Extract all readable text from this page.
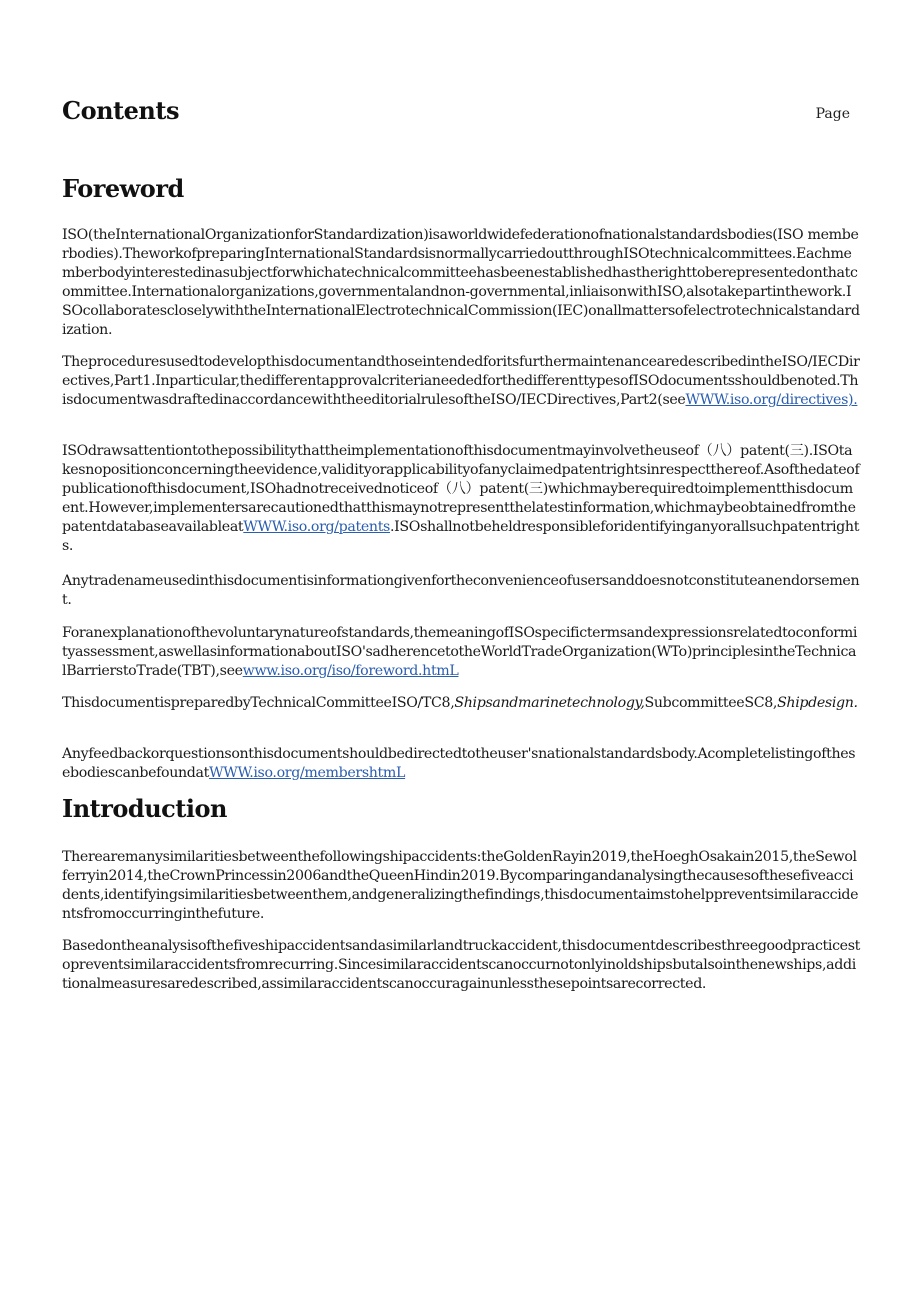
Contents	Page
Foreword
ISO(theInternationalOrganizationforStandardization)isaworldwidefederationofnationalstandardsbodies(ISO memberbodies).TheworkofpreparingInternationalStandardsisnormallycarriedoutthroughISOtechnicalcommittees.Eachmemberbodyinterestedinasubjectforwhichatechnicalcommitteehasbeenestablishedhastherighttoberepresentedonthatcommittee.Internationalorganizations,governmentalandnon-governmental,inliaisonwithISO,alsotakepartinthework.ISOcollaboratescloselywiththeInternationalElectrotechnicalCommission(IEC)onallmattersofelectrotechnicalstandardization.
TheproceduresusedtodevelopthisdocumentandthoseintendedforitsfurthermaintenancearedescribedintheISO/IECDirectives,Part1.Inparticular,thedifferentapprovalcriterianeededforthedifferenttypesofISOdocumentsshouldbenoted.ThisdocumentwasdraftedinaccordancewiththeeditorialrulesoftheISO/IECDirectives,Part2(seeWWW.iso.org/directives).
ISOdrawsattentiontothepossibilitythattheimplementationofthisdocumentmayinvolvetheuseof（八）patent(三).ISOtakesnopositionconcerningtheevidence,validityorapplicabilityofanyclaimedpatentrightsinrespectthereof.Asofthedateofpublicationofthisdocument,ISOhadnotreceivednoticeof（八）patent(三)whichmayberequiredtoimplementthisdocument.However,implementersarecautionedthatthismaynotrepresentthelatestinformation,whichmaybeobtainedfromthepatentdatabaseavailableatWWW.iso.org/patents.ISOshallnotbeheldresponsibleforidentifyinganyorallsuchpatentrights.
Anytradenameusedinthisdocumentisinformationgivenfortheconvenienceofusersanddoesnotconstituteanendorsement.
Foranexplanationofthevoluntarynatureofstandards,themeaningofISOspecifictermsandexpressionsrelatedtoconformityassessment,aswellasinformationaboutISO'sadherencetotheWorldTradeOrganization(WTo)principlesintheTechnicalBarrierstoTrade(TBT),seewww.iso.org/iso/foreword.htmL
ThisdocumentispreparedbyTechnicalCommitteeISO/TC8,Shipsandmarinetechnology,SubcommitteeSC8,Shipdesign.
Anyfeedbackorquestionsonthisdocumentshouldbedirectedtotheuser'snationalstandardsbody.AcompletelistingofthesebodiescanbefoundatWWW.iso.org/membershtmL
Introduction
Therearemanysimilaritiesbetweenthefollowingshipaccidents:theGoldenRayin2019,theHoeghOsakain2015,theSewolferryin2014,theCrownPrincessin2006andtheQueenHindin2019.Bycomparingandanalysingthecausesofthesefiveaccidents,identifyingsimilaritiesbetweenthem,andgeneralizingthefindings,thisdocumentaimstohelppreventsimilaraccidentsfromoccurringinthefuture.
Basedontheanalysisofthefiveshipaccidentsandasimilarlandtruckaccident,thisdocumentdescribesthreegoodpracticestopreventsimilaraccidentsfromrecurring.Sincesimilaraccidentscanoccurnotonlyinoldshipsbutalsointhenewships,additionalmeasuresaredescribed,assimilaraccidentscanoccuragainunlessthesepointsarecorrected.
